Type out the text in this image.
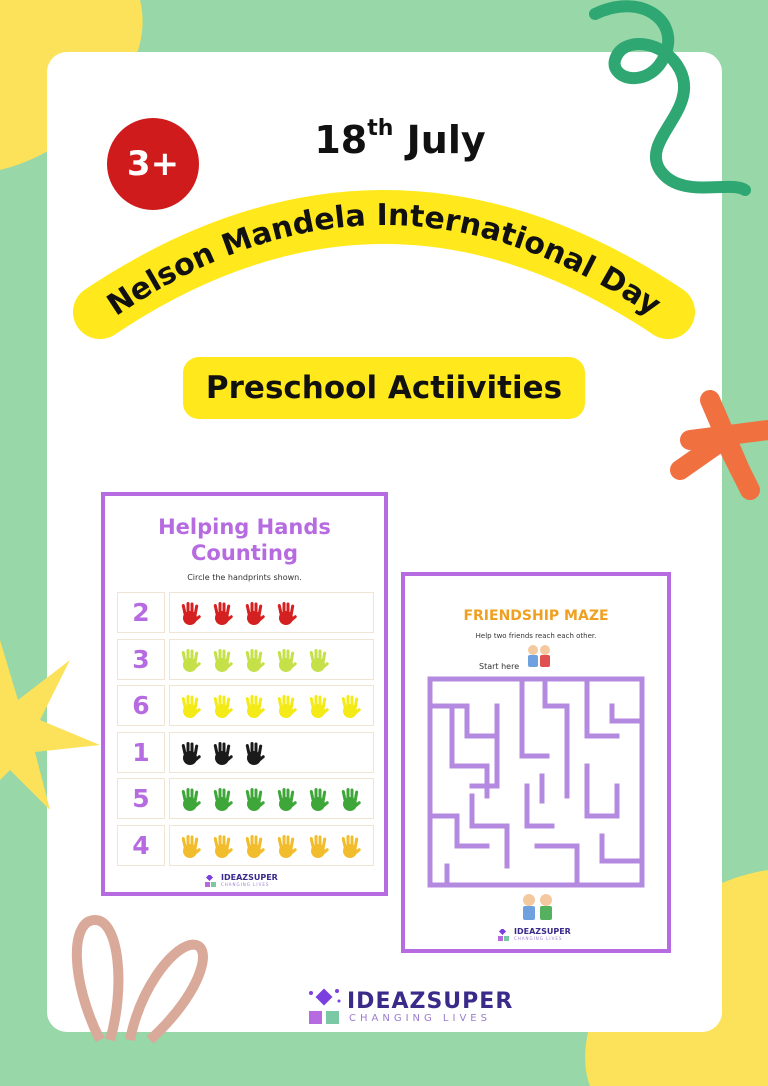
Nelson Mandela International Day
3+
18th July
Preschool Actiivities
Helping Hands
Counting
Circle the handprints shown.
2
3
6
1
5
4
IDEAZSUPER
CHANGING LIVES
FRIENDSHIP MAZE
Help two friends reach each other.
Start here
IDEAZSUPER
CHANGING LIVES
IDEAZSUPER
CHANGING LIVES
